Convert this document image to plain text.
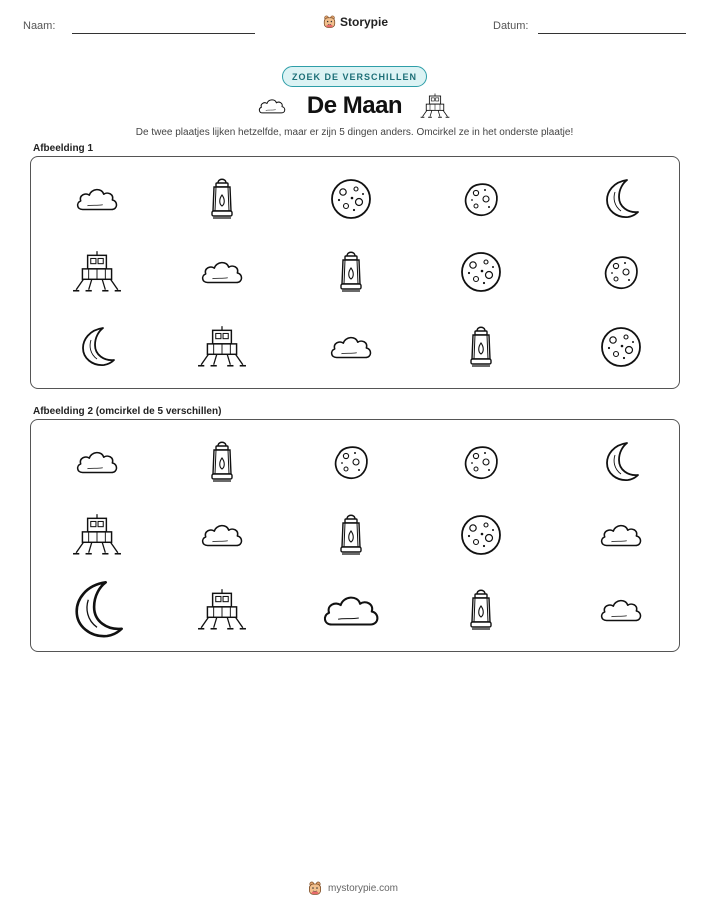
Naam:	Storypie	Datum:
ZOEK DE VERSCHILLEN
De Maan
De twee plaatjes lijken hetzelfde, maar er zijn 5 dingen anders. Omcirkel ze in het onderste plaatje!
Afbeelding 1
Afbeelding 2 (omcirkel de 5 verschillen)
mystorypie.com
